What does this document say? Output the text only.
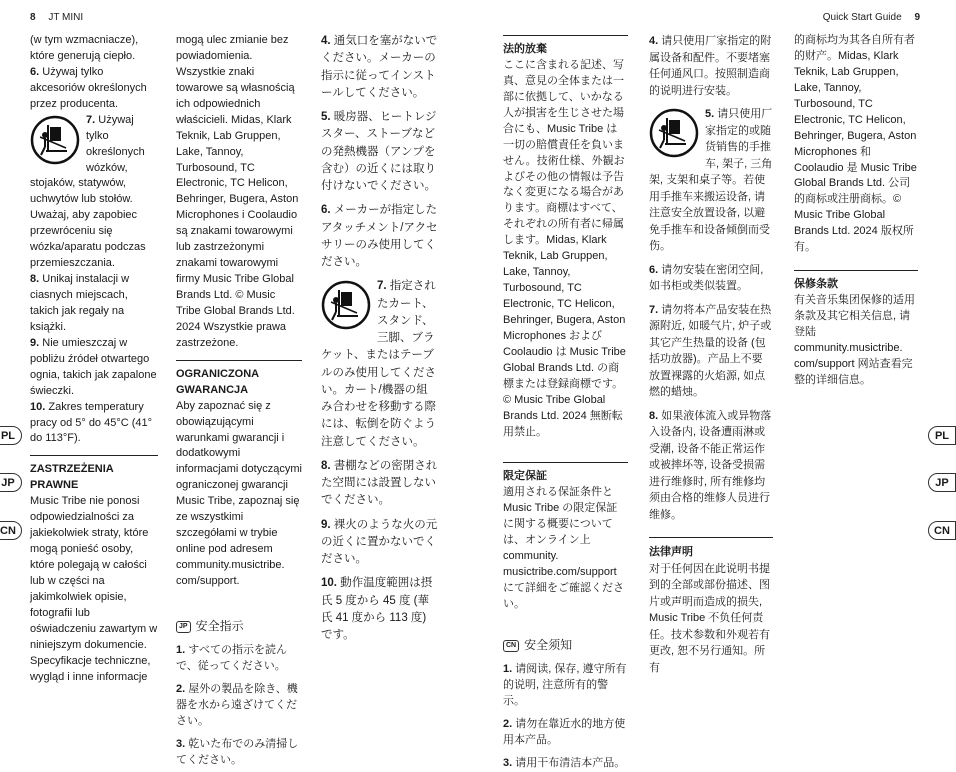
8 JT MINI	Quick Start Guide 9
PL
JP
CN
PL
JP
CN

(w tym wzmacniacze), które generują ciepło.

6. Używaj tylko akcesoriów określonych przez producenta.

7. Używaj tylko określonych wózków, stojaków, statywów, uchwytów lub stołów. Uważaj, aby zapobiec przewróceniu się wózka/aparatu podczas przemieszczania.

8. Unikaj instalacji w ciasnych miejscach, takich jak regały na książki.

9. Nie umieszczaj w pobliżu źródeł otwartego ognia, takich jak zapalone świeczki.

10. Zakres temperatury pracy od 5° do 45°C (41° do 113°F).

ZASTRZEŻENIA PRAWNE

Music Tribe nie ponosi odpowiedzialności za jakiekolwiek straty, które mogą ponieść osoby, które polegają w całości lub w części na jakimkolwiek opisie, fotografii lub oświadczeniu zawartym w niniejszym dokumencie. Specyfikacje techniczne, wygląd i inne informacje

mogą ulec zmianie bez powiadomienia. Wszystkie znaki towarowe są własnością ich odpowiednich właścicieli. Midas, Klark Teknik, Lab Gruppen, Lake, Tannoy, Turbosound, TC Electronic, TC Helicon, Behringer, Bugera, Aston Microphones i Coolaudio są znakami towarowymi lub zastrzeżonymi znakami towarowymi firmy Music Tribe Global Brands Ltd. © Music Tribe Global Brands Ltd. 2024 Wszystkie prawa zastrzeżone.

OGRANICZONA GWARANCJA

Aby zapoznać się z obowiązującymi warunkami gwarancji i dodatkowymi informacjami dotyczącymi ograniczonej gwarancji Music Tribe, zapoznaj się ze wszystkimi szczegółami w trybie online pod adresem community.musictribe. com/support.

JP 安全指示

1. すべての指示を読んで、従ってください。

2. 屋外の製品を除き、機器を水から遠ざけてください。

3. 乾いた布でのみ清掃してください。

4. 通気口を塞がないでください。メーカーの指示に従ってインストールしてください。

5. 暖房器、ヒートレジスター、ストーブなどの発熱機器（アンプを含む）の近くには取り付けないでください。

6. メーカーが指定したアタッチメント/アクセサリーのみ使用してください。

7. 指定されたカート、スタンド、三脚、ブラケット、またはテーブルのみ使用してください。カート/機器の組み合わせを移動する際には、転倒を防ぐよう注意してください。

8. 書棚などの密閉された空間には設置しないでください。

9. 裸火のような火の元の近くに置かないでください。

10. 動作温度範囲は摂氏 5 度から 45 度 (華氏 41 度から 113 度) です。

法的放棄

ここに含まれる記述、写真、意見の全体または一部に依拠して、いかなる人が損害を生じさせた場合にも、Music Tribe は一切の賠償責任を負いません。技術仕様、外観およびその他の情報は予告なく変更になる場合があります。商標はすべて、それぞれの所有者に帰属します。Midas, Klark Teknik, Lab Gruppen, Lake, Tannoy, Turbosound, TC Electronic, TC Helicon, Behringer, Bugera, Aston Microphones および Coolaudio は Music Tribe Global Brands Ltd. の商標または登録商標です。© Music Tribe Global Brands Ltd. 2024 無断転用禁止。

限定保証

適用される保証条件と Music Tribe の限定保証に関する概要については、オンライン上 community. musictribe.com/support にて詳細をご確認ください。

CN 安全须知

1. 请阅读, 保存, 遵守所有的说明, 注意所有的警示。

2. 请勿在靠近水的地方使用本产品。

3. 请用干布清洁本产品。

4. 请只使用厂家指定的附属设备和配件。不要堵塞任何通风口。按照制造商的说明进行安装。

5. 请只使用厂家指定的或随货销售的手推车, 架子, 三角架, 支架和桌子等。若使用手推车来搬运设备, 请注意安全放置设备, 以避免手推车和设备倾倒而受伤。

6. 请勿安装在密闭空间, 如书柜或类似装置。

7. 请勿将本产品安装在热源附近, 如暖气片, 炉子或其它产生热量的设备 (包括功放器)。产品上不要放置裸露的火焰源, 如点燃的蜡烛。

8. 如果液体流入或异物落入设备内, 设备遭雨淋或受潮, 设备不能正常运作或被摔坏等, 设备受损需进行维修时, 所有维修均须由合格的维修人员进行维修。

法律声明

对于任何因在此说明书提到的全部或部份描述、图片或声明而造成的损失, Music Tribe 不负任何责任。技术参数和外观若有更改, 恕不另行通知。所有

的商标均为其各自所有者的财产。Midas, Klark Teknik, Lab Gruppen, Lake, Tannoy, Turbosound, TC Electronic, TC Helicon, Behringer, Bugera, Aston Microphones 和 Coolaudio 是 Music Tribe Global Brands Ltd. 公司的商标或注册商标。© Music Tribe Global Brands Ltd. 2024 版权所有。

保修条款

有关音乐集团保修的适用条款及其它相关信息, 请登陆 community.musictribe. com/support 网站查看完整的详细信息。
